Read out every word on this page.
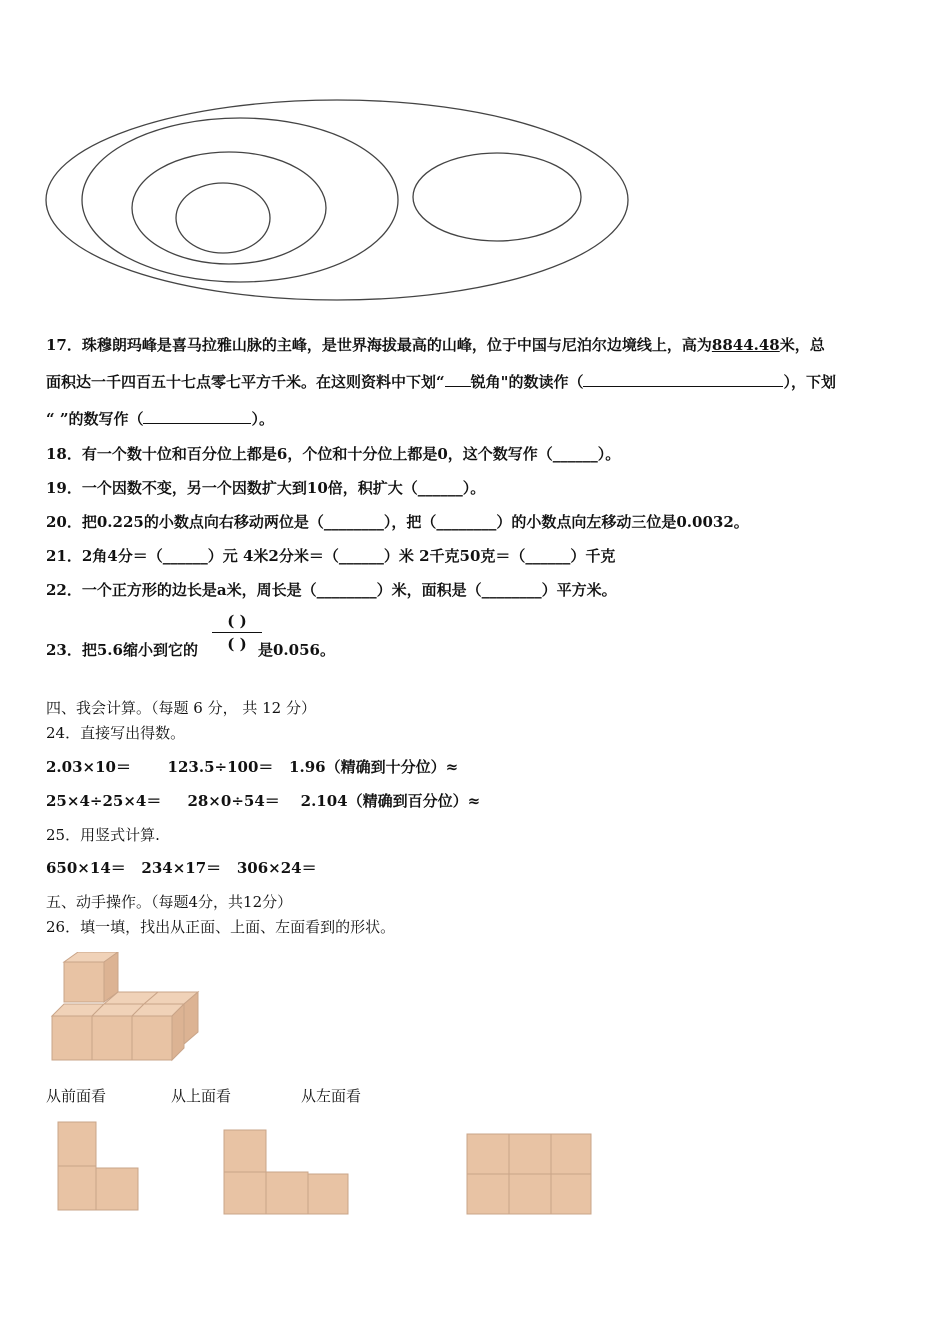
17．珠穆朗玛峰是喜马拉雅山脉的主峰，是世界海拔最高的山峰，位于中国与尼泊尔边境线上，高为8844.48米，总
面积达一千四百五十七点零七平方千米。在这则资料中下划“ 锐角"的数读作（	），下划
“ ”的数写作（	）。
18．有一个数十位和百分位上都是6，个位和十分位上都是0，这个数写作（______）。
19．一个因数不变，另一个因数扩大到10倍，积扩大（______）。
20．把0.225的小数点向右移动两位是（________），把（________）的小数点向左移动三位是0.0032。
21．2角4分＝（______）元 4米2分米＝（______）米 2千克50克＝（______）千克
22．一个正方形的边长是a米，周长是（________）米，面积是（________）平方米。
23．把5.6缩小到它的	是0.056。
( )
( )
四、我会计算。（每题 6 分， 共 12 分）
24．直接写出得数。
2.03×10＝       123.5÷100＝   1.96（精确到十分位）≈
25×4÷25×4＝     28×0÷54＝    2.104（精确到百分位）≈
25．用竖式计算.
650×14＝   234×17＝   306×24＝
五、动手操作。（每题4分，共12分）
26．填一填，找出从正面、上面、左面看到的形状。
从前面看	从上面看	从左面看
